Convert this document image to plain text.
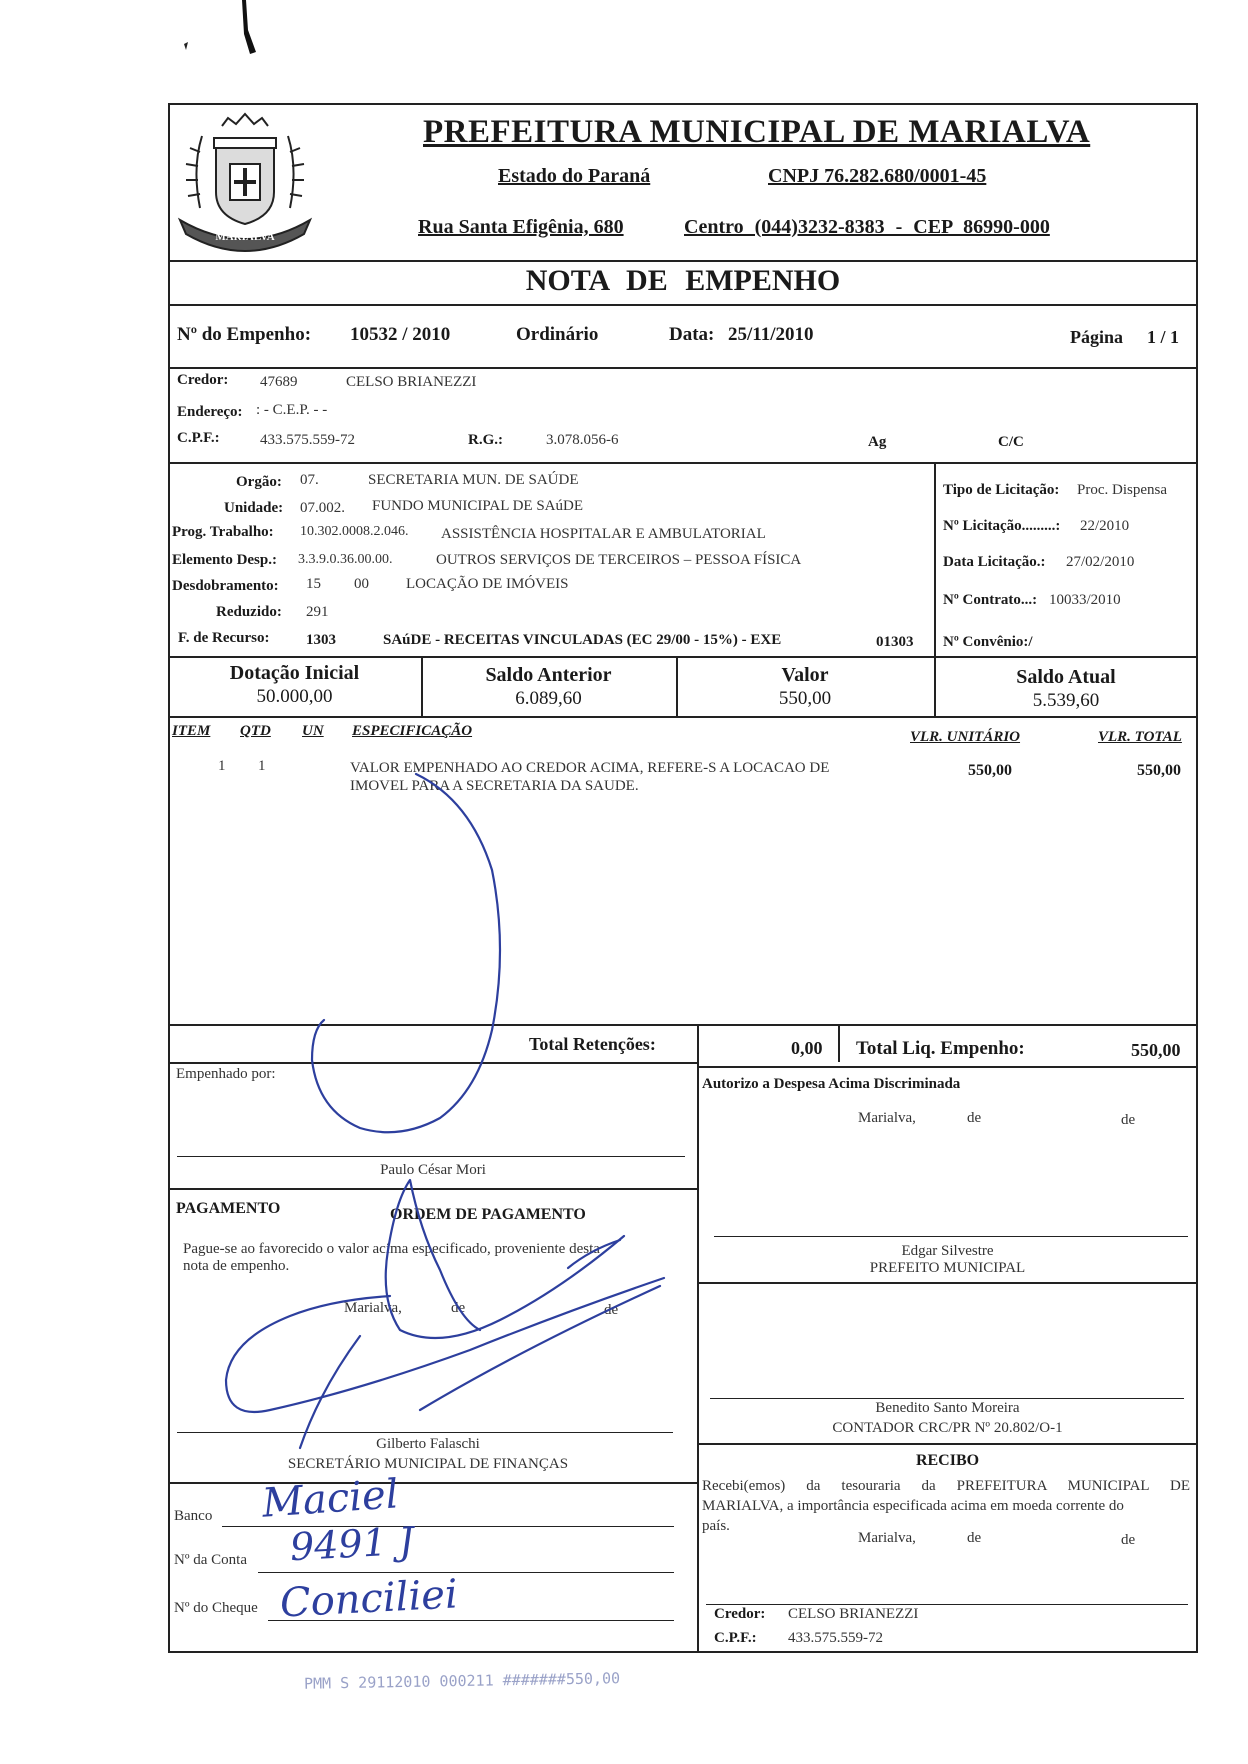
MARIALVA
PREFEITURA MUNICIPAL DE MARIALVA
Estado do Paraná	CNPJ 76.282.680/0001-45
Rua Santa Efigênia, 680	Centro (044)3232-8383 - CEP 86990-000
NOTA DE EMPENHO
Nº do Empenho: 10532 / 2010	Ordinário	Data: 25/11/2010	Página 1 / 1
Credor: 47689	CELSO BRIANEZZI
Endereço: : - C.E.P. - -
C.P.F.:	433.575.559-72	R.G.:	3.078.056-6	Ag	C/C
Orgão: 07.	SECRETARIA MUN. DE SAÚDE
Unidade: 07.002. FUNDO MUNICIPAL DE SAúDE
Prog. Trabalho: 10.302.0008.2.046. ASSISTÊNCIA HOSPITALAR E AMBULATORIAL
Elemento Desp.: 3.3.9.0.36.00.00.	OUTROS SERVIÇOS DE TERCEIROS – PESSOA FÍSICA
Desdobramento: 15 00 LOCAÇÃO DE IMÓVEIS
Reduzido: 291
F. de Recurso: 1303	SAúDE - RECEITAS VINCULADAS (EC 29/00 - 15%) - EXE	01303
Tipo de Licitação: Proc. Dispensa
Nº Licitação.........: 22/2010
Data Licitação.: 27/02/2010
Nº Contrato...: 10033/2010
Nº Convênio:/
Dotação Inicial
50.000,00
Saldo Anterior
6.089,60
Valor
550,00
Saldo Atual
5.539,60
ITEM QTD UN ESPECIFICAÇÃO	VLR. UNITÁRIO	VLR. TOTAL
1 1	VALOR EMPENHADO AO CREDOR ACIMA, REFERE-S A LOCACAO DE
IMOVEL PARA A SECRETARIA DA SAUDE.
550,00	550,00
Total Retenções:	0,00 Total Liq. Empenho:	550,00
Empenhado por:
Paulo César Mori
PAGAMENTO	ORDEM DE PAGAMENTO
Pague-se ao favorecido o valor acima especificado, proveniente desta
nota de empenho.
Marialva,	de	de
Gilberto Falaschi
SECRETÁRIO MUNICIPAL DE FINANÇAS
Banco
Nº da Conta
Nº do Cheque
Autorizo a Despesa Acima Discriminada
Marialva,	de	de
Edgar Silvestre
PREFEITO MUNICIPAL
Benedito Santo Moreira
CONTADOR CRC/PR Nº 20.802/O-1
RECIBO
Recebi(emos) da tesouraria da PREFEITURA MUNICIPAL DE
MARIALVA, a importância especificada acima em moeda corrente do
país.
Marialva,	de	de
Credor: CELSO BRIANEZZI
C.P.F.: 433.575.559-72
Maciel
9491 J
Conciliei
PMM S 29112010 000211 #######550,00
